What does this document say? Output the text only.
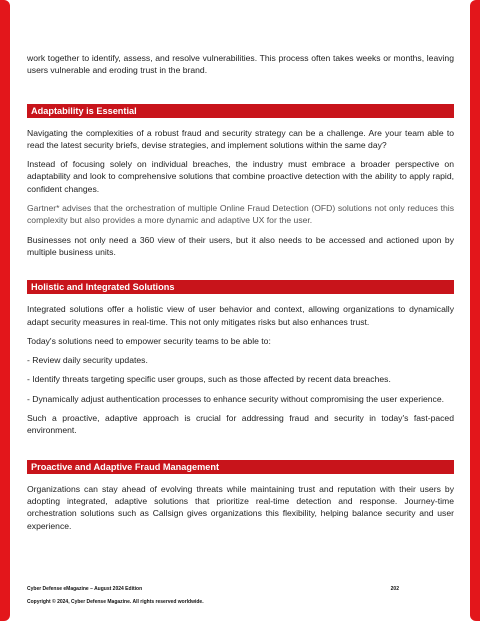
work together to identify, assess, and resolve vulnerabilities. This process often takes weeks or months, leaving users vulnerable and eroding trust in the brand.

Adaptability is Essential

Navigating the complexities of a robust fraud and security strategy can be a challenge. Are your team able to read the latest security briefs, devise strategies, and implement solutions within the same day?

Instead of focusing solely on individual breaches, the industry must embrace a broader perspective on adaptability and look to comprehensive solutions that combine proactive detection with the ability to apply rapid, confident changes.

Gartner* advises that the orchestration of multiple Online Fraud Detection (OFD) solutions not only reduces this complexity but also provides a more dynamic and adaptive UX for the user.

Businesses not only need a 360 view of their users, but it also needs to be accessed and actioned upon by multiple business units.

Holistic and Integrated Solutions

Integrated solutions offer a holistic view of user behavior and context, allowing organizations to dynamically adapt security measures in real-time. This not only mitigates risks but also enhances trust.

Today's solutions need to empower security teams to be able to:

- Review daily security updates.

- Identify threats targeting specific user groups, such as those affected by recent data breaches.

- Dynamically adjust authentication processes to enhance security without compromising the user experience.

Such a proactive, adaptive approach is crucial for addressing fraud and security in today's fast-paced environment.

Proactive and Adaptive Fraud Management

Organizations can stay ahead of evolving threats while maintaining trust and reputation with their users by adopting integrated, adaptive solutions that prioritize real-time detection and response. Journey-time orchestration solutions such as Callsign gives organizations this flexibility, helping balance security and user experience.

Cyber Defense eMagazine – August 2024 Edition	202
Copyright © 2024, Cyber Defense Magazine. All rights reserved worldwide.
